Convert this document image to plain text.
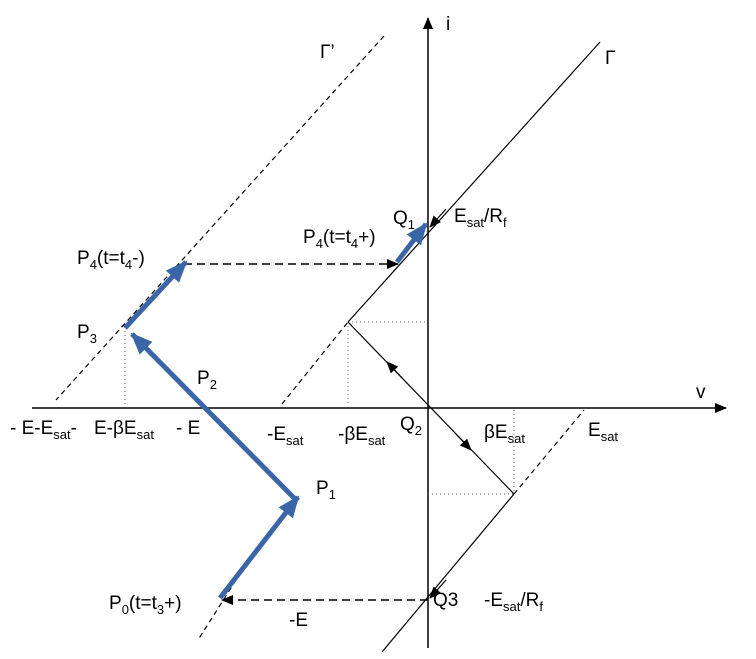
i
v
Γ
Γ’
$Q_1$ $E_{sat}/R_f$
$P_4(t=t_4+)$
$P_4(t=t_4-)$
$P_3$
$P_2$
$P_1$
$Q_2$
$P_0(t=t_3+)$	Q3 $-E_{sat}/R_f$
-E
- $E-E_{sat}-$ $E-\beta E_{sat}$ - E	$-E_{sat}$ $-\beta E_{sat}$	$\beta E_{sat}$	$E_{sat}$
